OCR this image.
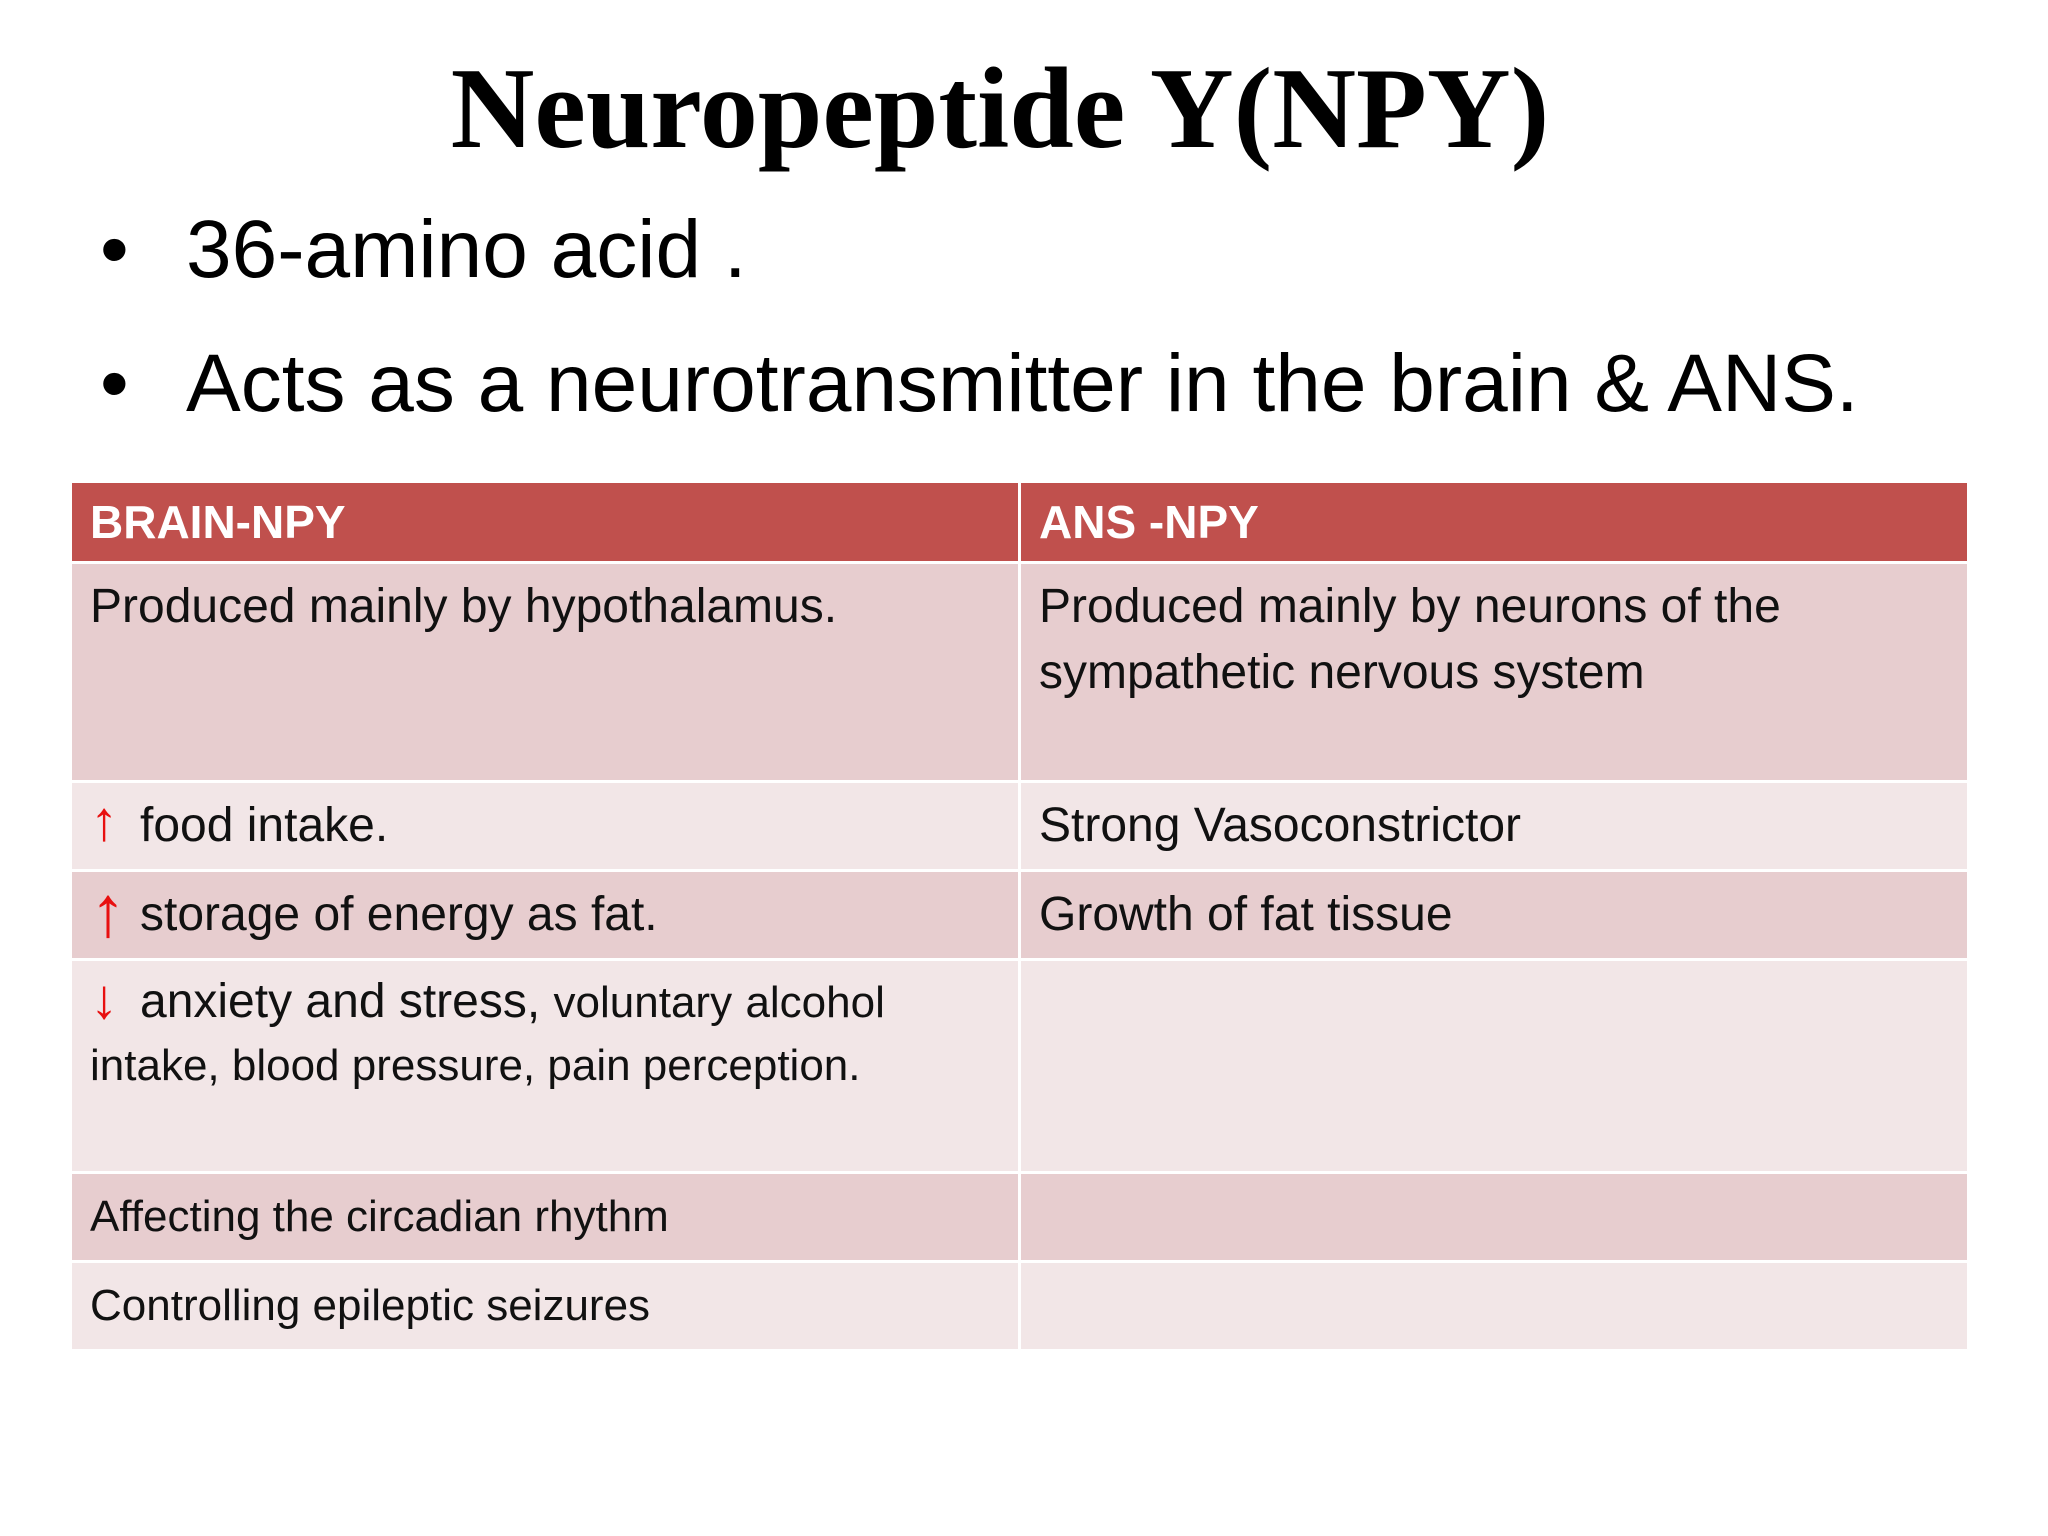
Neuropeptide Y(NPY)
• 36-amino acid .
• Acts as a neurotransmitter in the brain & ANS.
BRAIN-NPY	ANS -NPY
Produced mainly by hypothalamus.	Produced mainly by neurons of the sympathetic nervous system
↑ food intake.	Strong Vasoconstrictor
↑ storage of energy as fat.	Growth of fat tissue
↓ anxiety and stress, voluntary alcohol intake, blood pressure, pain perception.	
Affecting the circadian rhythm	
Controlling epileptic seizures	
